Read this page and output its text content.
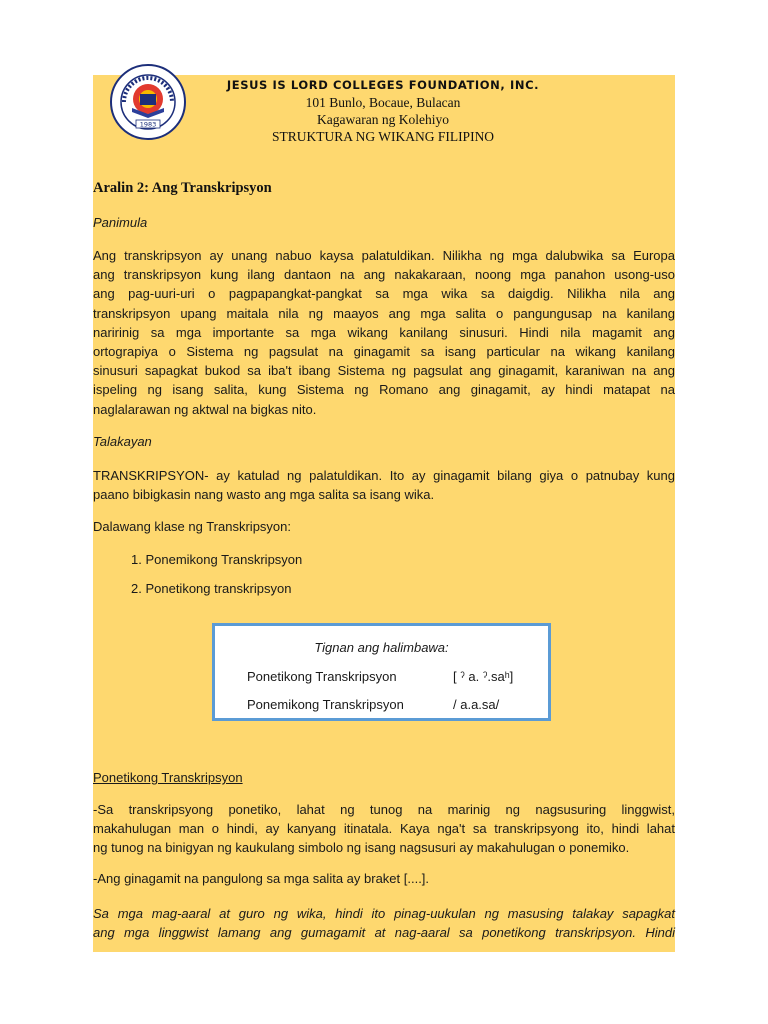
1983
JESUS IS LORD COLLEGES FOUNDATION, INC.
101 Bunlo, Bocaue, Bulacan
Kagawaran ng Kolehiyo
STRUKTURA NG WIKANG FILIPINO
Aralin 2: Ang Transkripsyon
Panimula
Ang transkripsyon ay unang nabuo kaysa palatuldikan. Nilikha ng mga dalubwika sa Europa
ang transkripsyon kung ilang dantaon na ang nakakaraan, noong mga panahon usong-uso
ang pag-uuri-uri o pagpapangkat-pangkat sa mga wika sa daigdig. Nilikha nila ang
transkripsyon upang maitala nila ng maayos ang mga salita o pangungusap na kanilang
naririnig sa mga importante sa mga wikang kanilang sinusuri. Hindi nila magamit ang
ortograpiya o Sistema ng pagsulat na ginagamit sa isang particular na wikang kanilang
sinusuri sapagkat bukod sa iba't ibang Sistema ng pagsulat ang ginagamit, karaniwan na ang
ispeling ng isang salita, kung Sistema ng Romano ang ginagamit, ay hindi matapat na
naglalarawan ng aktwal na bigkas nito.
Talakayan
TRANSKRIPSYON- ay katulad ng palatuldikan. Ito ay ginagamit bilang giya o patnubay kung
paano bibigkasin nang wasto ang mga salita sa isang wika.
Dalawang klase ng Transkripsyon:
1. Ponemikong Transkripsyon
2. Ponetikong transkripsyon
Tignan ang halimbawa:
Ponetikong Transkripsyon	[ ˀ a. ˀ.saʰ]
Ponemikong Transkripsyon	/ a.a.sa/
Ponetikong Transkripsyon
-Sa transkripsyong ponetiko, lahat ng tunog na marinig ng nagsusuring linggwist,
makahulugan man o hindi, ay kanyang itinatala. Kaya nga't sa transkripsyong ito, hindi lahat
ng tunog na binigyan ng kaukulang simbolo ng isang nagsusuri ay makahulugan o ponemiko.
-Ang ginagamit na pangulong sa mga salita ay braket [....].
Sa mga mag-aaral at guro ng wika, hindi ito pinag-uukulan ng masusing talakay sapagkat
ang mga linggwist lamang ang gumagamit at nag-aaral sa ponetikong transkripsyon. Hindi
